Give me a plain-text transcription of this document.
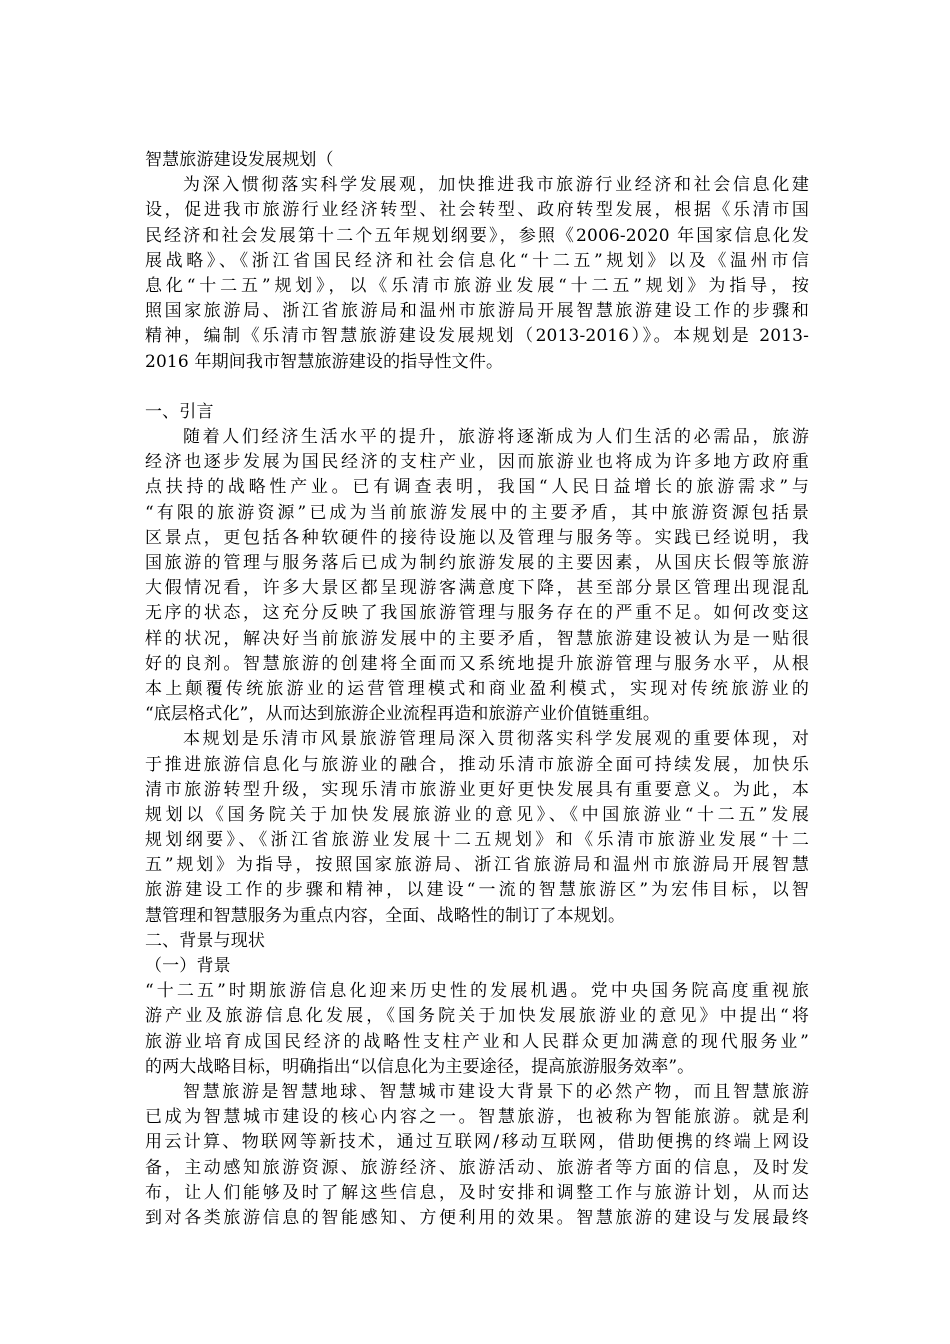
智慧旅游建设发展规划（
为深入惯彻落实科学发展观，加快推进我市旅游行业经济和社会信息化建
设，促进我市旅游行业经济转型、社会转型、政府转型发展，根据《乐清市国
民经济和社会发展第十二个五年规划纲要》，参照《2006-2020 年国家信息化发
展战略》、《浙江省国民经济和社会信息化“十二五”规划》以及《温州市信
息化“十二五”规划》，以《乐清市旅游业发展“十二五”规划》为指导，按
照国家旅游局、浙江省旅游局和温州市旅游局开展智慧旅游建设工作的步骤和
精神，编制《乐清市智慧旅游建设发展规划（2013-2016）》。本规划是 2013-
2016 年期间我市智慧旅游建设的指导性文件。
一、引言
随着人们经济生活水平的提升，旅游将逐渐成为人们生活的必需品，旅游
经济也逐步发展为国民经济的支柱产业，因而旅游业也将成为许多地方政府重
点扶持的战略性产业。已有调查表明，我国“人民日益增长的旅游需求”与
“有限的旅游资源”已成为当前旅游发展中的主要矛盾，其中旅游资源包括景
区景点，更包括各种软硬件的接待设施以及管理与服务等。实践已经说明，我
国旅游的管理与服务落后已成为制约旅游发展的主要因素，从国庆长假等旅游
大假情况看，许多大景区都呈现游客满意度下降，甚至部分景区管理出现混乱
无序的状态，这充分反映了我国旅游管理与服务存在的严重不足。如何改变这
样的状况，解决好当前旅游发展中的主要矛盾，智慧旅游建设被认为是一贴很
好的良剂。智慧旅游的创建将全面而又系统地提升旅游管理与服务水平，从根
本上颠覆传统旅游业的运营管理模式和商业盈利模式，实现对传统旅游业的
“底层格式化”，从而达到旅游企业流程再造和旅游产业价值链重组。
本规划是乐清市风景旅游管理局深入贯彻落实科学发展观的重要体现，对
于推进旅游信息化与旅游业的融合，推动乐清市旅游全面可持续发展，加快乐
清市旅游转型升级，实现乐清市旅游业更好更快发展具有重要意义。为此，本
规划以《国务院关于加快发展旅游业的意见》、《中国旅游业“十二五”发展
规划纲要》、《浙江省旅游业发展十二五规划》和《乐清市旅游业发展“十二
五”规划》为指导，按照国家旅游局、浙江省旅游局和温州市旅游局开展智慧
旅游建设工作的步骤和精神，以建设“一流的智慧旅游区”为宏伟目标，以智
慧管理和智慧服务为重点内容，全面、战略性的制订了本规划。
二、背景与现状
（一）背景
“十二五”时期旅游信息化迎来历史性的发展机遇。党中央国务院高度重视旅
游产业及旅游信息化发展，《国务院关于加快发展旅游业的意见》中提出“将
旅游业培育成国民经济的战略性支柱产业和人民群众更加满意的现代服务业”
的两大战略目标，明确指出“以信息化为主要途径，提高旅游服务效率”。
智慧旅游是智慧地球、智慧城市建设大背景下的必然产物，而且智慧旅游
已成为智慧城市建设的核心内容之一。智慧旅游，也被称为智能旅游。就是利
用云计算、物联网等新技术，通过互联网/移动互联网，借助便携的终端上网设
备，主动感知旅游资源、旅游经济、旅游活动、旅游者等方面的信息，及时发
布，让人们能够及时了解这些信息，及时安排和调整工作与旅游计划，从而达
到对各类旅游信息的智能感知、方便利用的效果。智慧旅游的建设与发展最终
